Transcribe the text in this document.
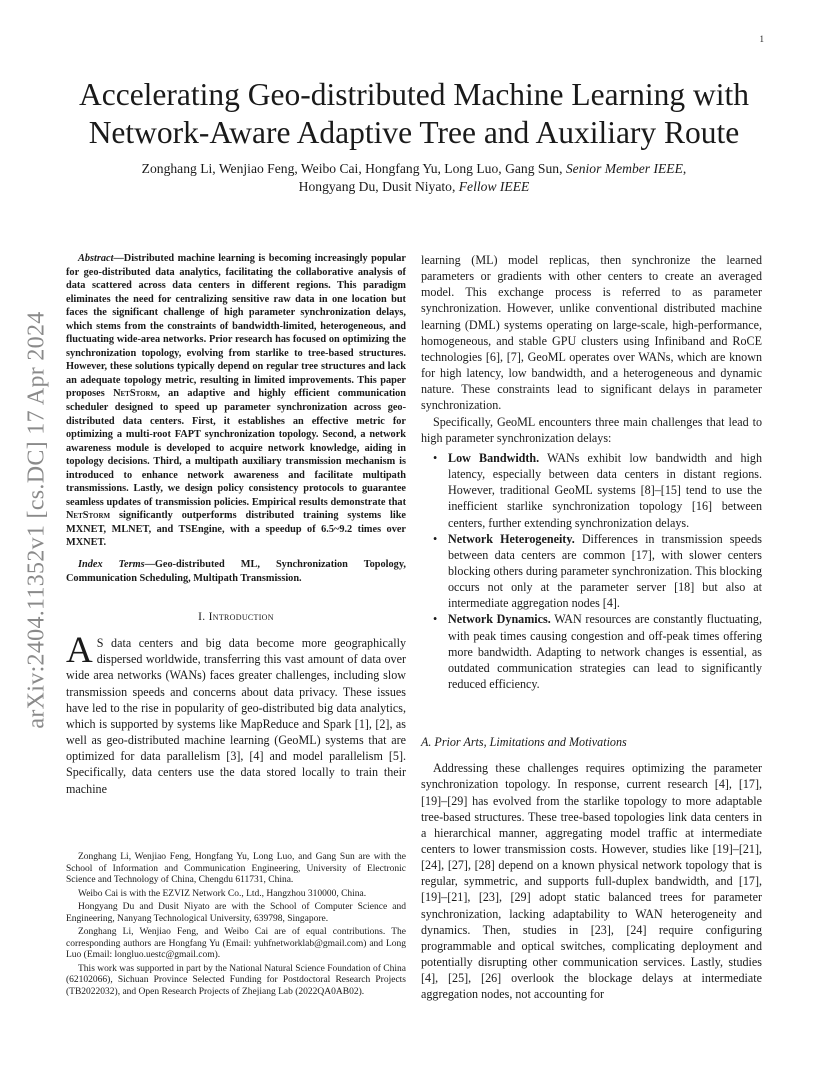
1
arXiv:2404.11352v1 [cs.DC] 17 Apr 2024
Accelerating Geo-distributed Machine Learning with
Network-Aware Adaptive Tree and Auxiliary Route
Zonghang Li, Wenjiao Feng, Weibo Cai, Hongfang Yu, Long Luo, Gang Sun, Senior Member IEEE,
Hongyang Du, Dusit Niyato, Fellow IEEE

Abstract—Distributed machine learning is becoming increasingly popular for geo-distributed data analytics, facilitating the collaborative analysis of data scattered across data centers in different regions. This paradigm eliminates the need for centralizing sensitive raw data in one location but faces the significant challenge of high parameter synchronization delays, which stems from the constraints of bandwidth-limited, heterogeneous, and fluctuating wide-area networks. Prior research has focused on optimizing the synchronization topology, evolving from starlike to tree-based structures. However, these solutions typically depend on regular tree structures and lack an adequate topology metric, resulting in limited improvements. This paper proposes NetStorm, an adaptive and highly efficient communication scheduler designed to speed up parameter synchronization across geo-distributed data centers. First, it establishes an effective metric for optimizing a multi-root FAPT synchronization topology. Second, a network awareness module is developed to acquire network knowledge, aiding in topology decisions. Third, a multipath auxiliary transmission mechanism is introduced to enhance network awareness and facilitate multipath transmissions. Lastly, we design policy consistency protocols to guarantee seamless updates of transmission policies. Empirical results demonstrate that NetStorm significantly outperforms distributed training systems like MXNET, MLNET, and TSEngine, with a speedup of 6.5~9.2 times over MXNET.

Index Terms—Geo-distributed ML, Synchronization Topology, Communication Scheduling, Multipath Transmission.

I. Introduction

A S data centers and big data become more geographically dispersed worldwide, transferring this vast amount of data over wide area networks (WANs) faces greater challenges, including slow transmission speeds and concerns about data privacy. These issues have led to the rise in popularity of geo-distributed big data analytics, which is supported by systems like MapReduce and Spark [1], [2], as well as geo-distributed machine learning (GeoML) systems that are optimized for data parallelism [3], [4] and model parallelism [5]. Specifically, data centers use the data stored locally to train their machine

Zonghang Li, Wenjiao Feng, Hongfang Yu, Long Luo, and Gang Sun are with the School of Information and Communication Engineering, University of Electronic Science and Technology of China, Chengdu 611731, China.

Weibo Cai is with the EZVIZ Network Co., Ltd., Hangzhou 310000, China.

Hongyang Du and Dusit Niyato are with the School of Computer Science and Engineering, Nanyang Technological University, 639798, Singapore.

Zonghang Li, Wenjiao Feng, and Weibo Cai are of equal contributions. The corresponding authors are Hongfang Yu (Email: yuhfnetworklab@gmail.com) and Long Luo (Email: longluo.uestc@gmail.com).

This work was supported in part by the National Natural Science Foundation of China (62102066), Sichuan Province Selected Funding for Postdoctoral Research Projects (TB2022032), and Open Research Projects of Zhejiang Lab (2022QA0AB02).

learning (ML) model replicas, then synchronize the learned parameters or gradients with other centers to create an averaged model. This exchange process is referred to as parameter synchronization. However, unlike conventional distributed machine learning (DML) systems operating on large-scale, high-performance, homogeneous, and stable GPU clusters using Infiniband and RoCE technologies [6], [7], GeoML operates over WANs, which are known for high latency, low bandwidth, and a heterogeneous and dynamic nature. These constraints lead to significant delays in parameter synchronization.

Specifically, GeoML encounters three main challenges that lead to high parameter synchronization delays:

• Low Bandwidth. WANs exhibit low bandwidth and high latency, especially between data centers in distant regions. However, traditional GeoML systems [8]–[15] tend to use the inefficient starlike synchronization topology [16] between centers, further extending synchronization delays.
• Network Heterogeneity. Differences in transmission speeds between data centers are common [17], with slower centers blocking others during parameter synchronization. This blocking occurs not only at the parameter server [18] but also at intermediate aggregation nodes [4].
• Network Dynamics. WAN resources are constantly fluctuating, with peak times causing congestion and off-peak times offering more bandwidth. Adapting to network changes is essential, as outdated communication strategies can lead to significantly reduced efficiency.
A. Prior Arts, Limitations and Motivations

Addressing these challenges requires optimizing the parameter synchronization topology. In response, current research [4], [17], [19]–[29] has evolved from the starlike topology to more adaptable tree-based structures. These tree-based topologies link data centers in a hierarchical manner, aggregating model traffic at intermediate centers to lower transmission costs. However, studies like [19]–[21], [24], [27], [28] depend on a known physical network topology that is regular, symmetric, and supports full-duplex bandwidth, and [17], [19]–[21], [23], [29] adopt static balanced trees for parameter synchronization, lacking adaptability to WAN heterogeneity and dynamics. Then, studies in [23], [24] require configuring programmable and optical switches, complicating deployment and potentially disrupting other communication services. Lastly, studies [4], [25], [26] overlook the blockage delays at intermediate aggregation nodes, not accounting for
